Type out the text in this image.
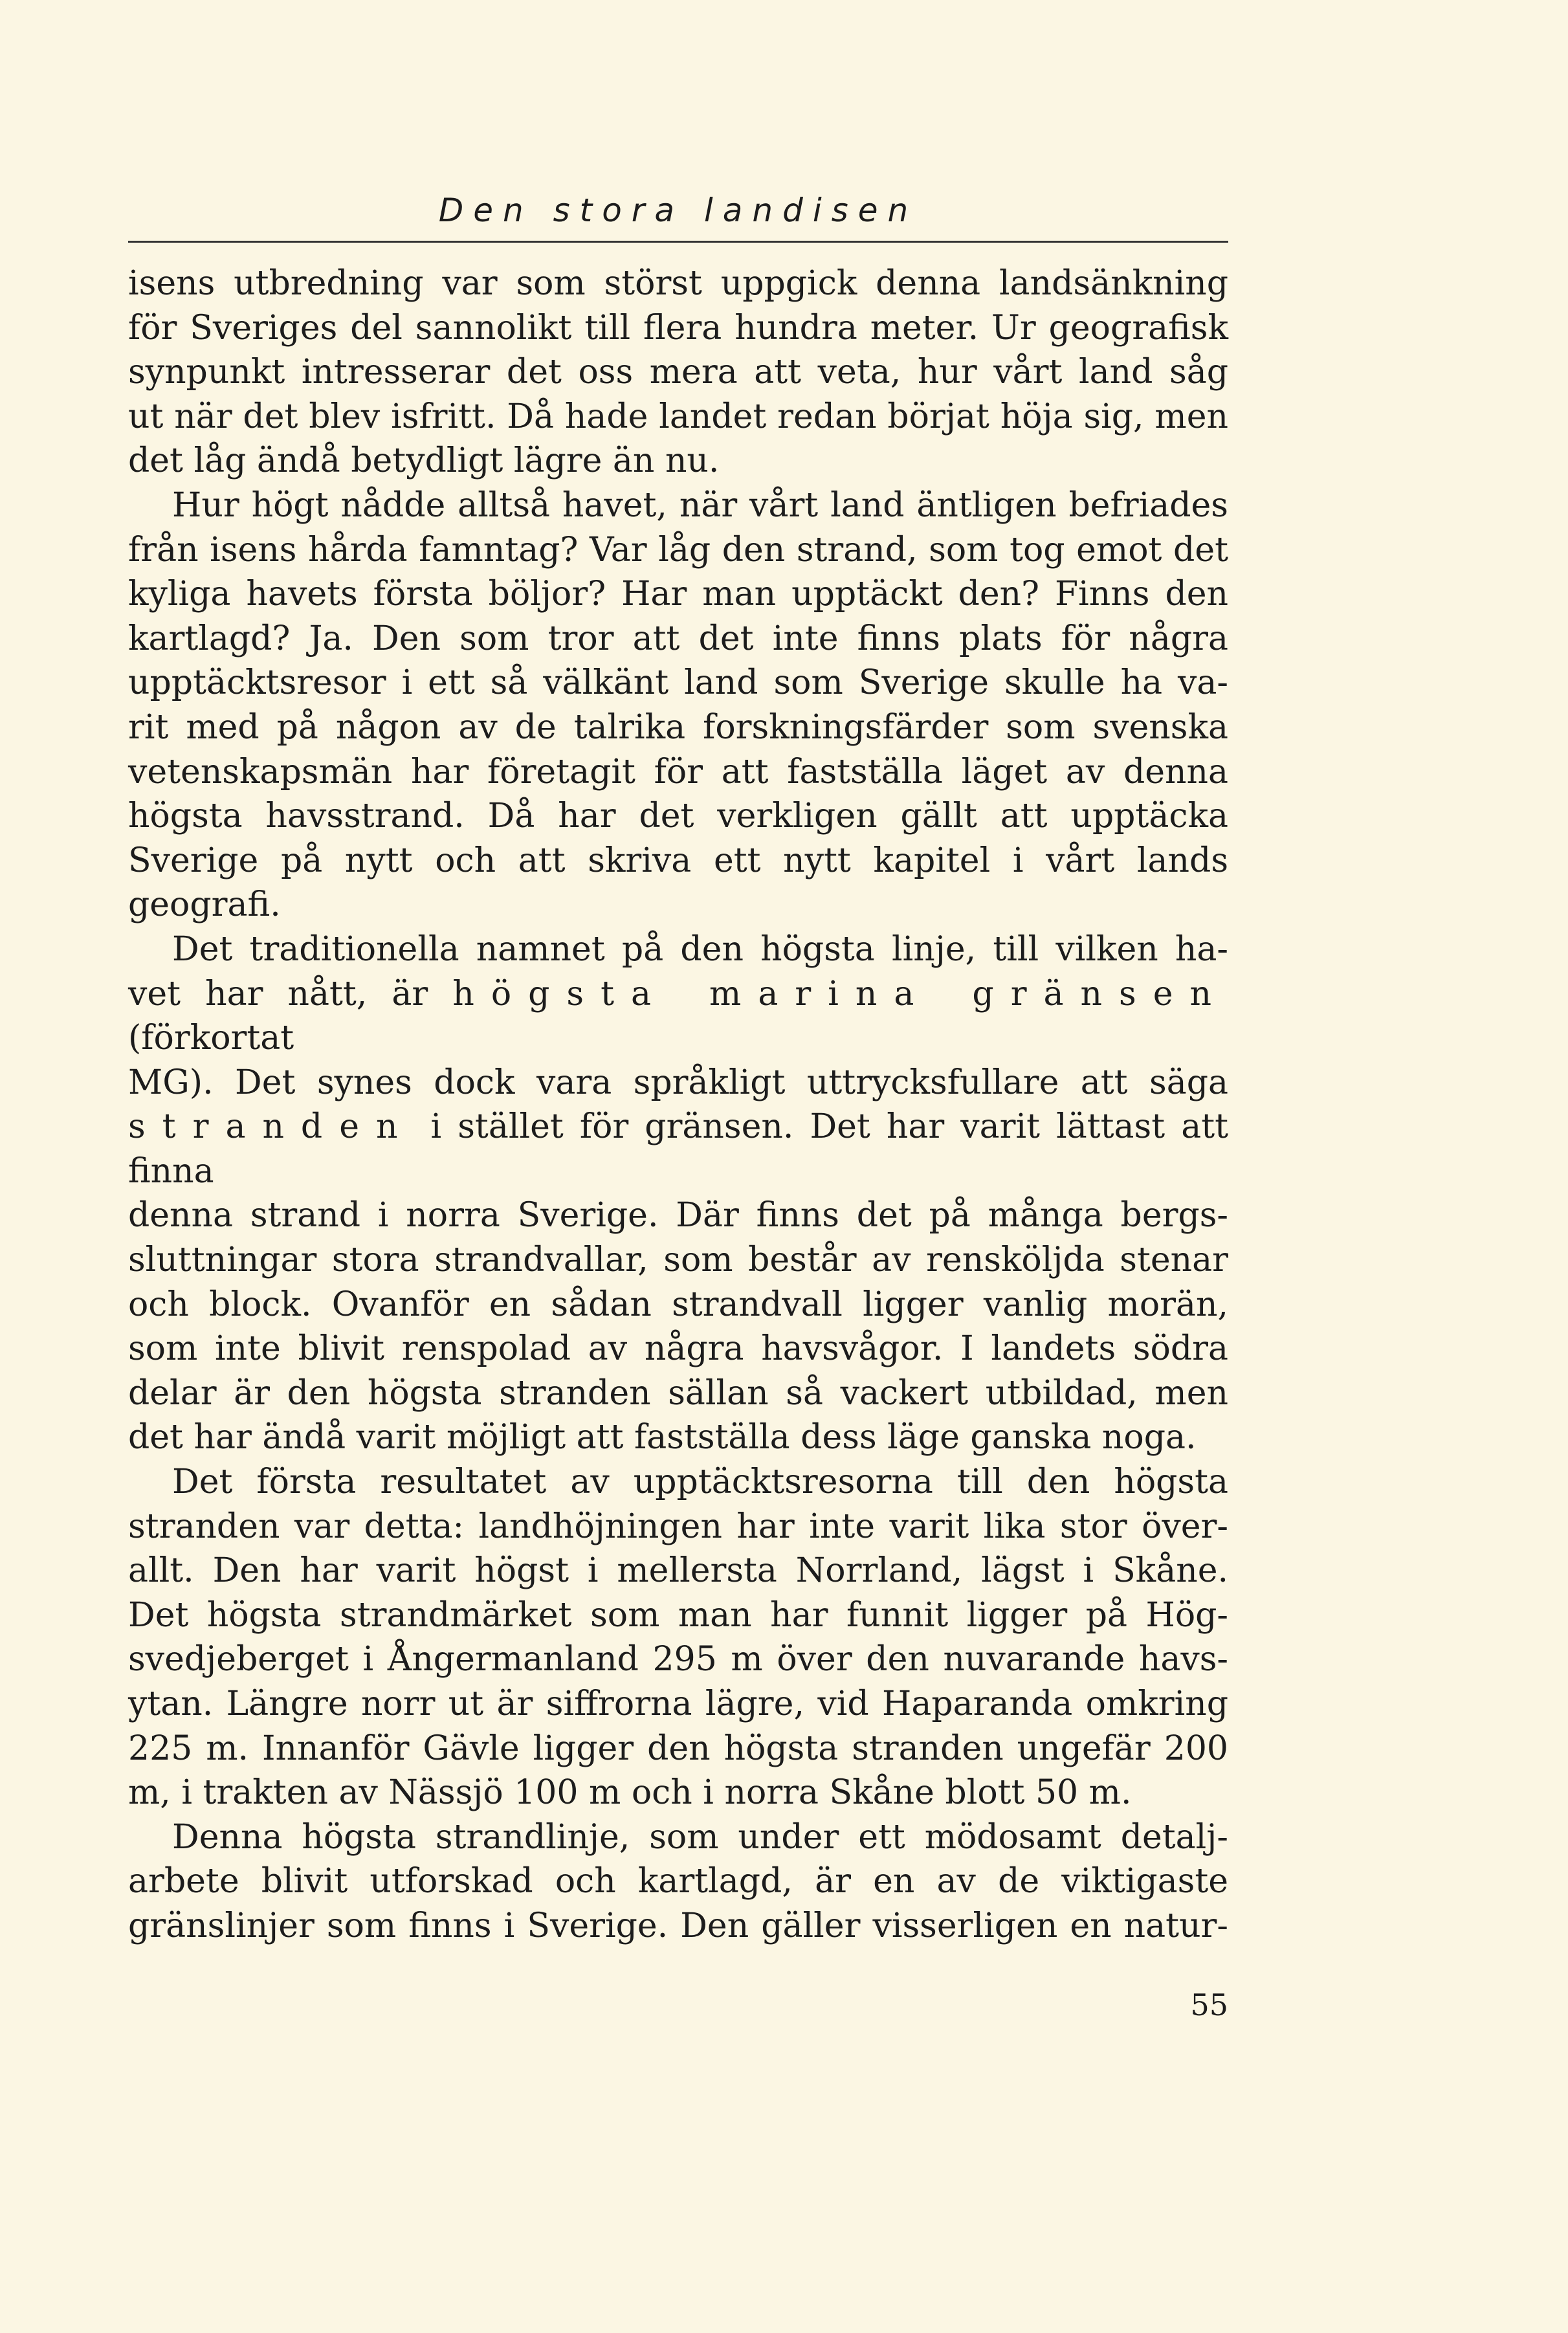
Den stora landisen
isens utbredning var som störst uppgick denna landsänkning
för Sveriges del sannolikt till flera hundra meter. Ur geografisk
synpunkt intresserar det oss mera att veta, hur vårt land såg
ut när det blev isfritt. Då hade landet redan börjat höja sig, men
det låg ändå betydligt lägre än nu.
Hur högt nådde alltså havet, när vårt land äntligen befriades
från isens hårda famntag? Var låg den strand, som tog emot det
kyliga havets första böljor? Har man upptäckt den? Finns den
kartlagd? Ja. Den som tror att det inte finns plats för några
upptäcktsresor i ett så välkänt land som Sverige skulle ha va-
rit med på någon av de talrika forskningsfärder som svenska
vetenskapsmän har företagit för att fastställa läget av denna
högsta havsstrand. Då har det verkligen gällt att upptäcka
Sverige på nytt och att skriva ett nytt kapitel i vårt lands
geografi.
Det traditionella namnet på den högsta linje, till vilken ha-
vet har nått, är högsta marina gränsen (förkortat
MG). Det synes dock vara språkligt uttrycksfullare att säga
stranden i stället för gränsen. Det har varit lättast att finna
denna strand i norra Sverige. Där finns det på många bergs-
sluttningar stora strandvallar, som består av rensköljda stenar
och block. Ovanför en sådan strandvall ligger vanlig morän,
som inte blivit renspolad av några havsvågor. I landets södra
delar är den högsta stranden sällan så vackert utbildad, men
det har ändå varit möjligt att fastställa dess läge ganska noga.
Det första resultatet av upptäcktsresorna till den högsta
stranden var detta: landhöjningen har inte varit lika stor över-
allt. Den har varit högst i mellersta Norrland, lägst i Skåne.
Det högsta strandmärket som man har funnit ligger på Hög-
svedjeberget i Ångermanland 295 m över den nuvarande havs-
ytan. Längre norr ut är siffrorna lägre, vid Haparanda omkring
225 m. Innanför Gävle ligger den högsta stranden ungefär 200
m, i trakten av Nässjö 100 m och i norra Skåne blott 50 m.
Denna högsta strandlinje, som under ett mödosamt detalj-
arbete blivit utforskad och kartlagd, är en av de viktigaste
gränslinjer som finns i Sverige. Den gäller visserligen en natur-
55
